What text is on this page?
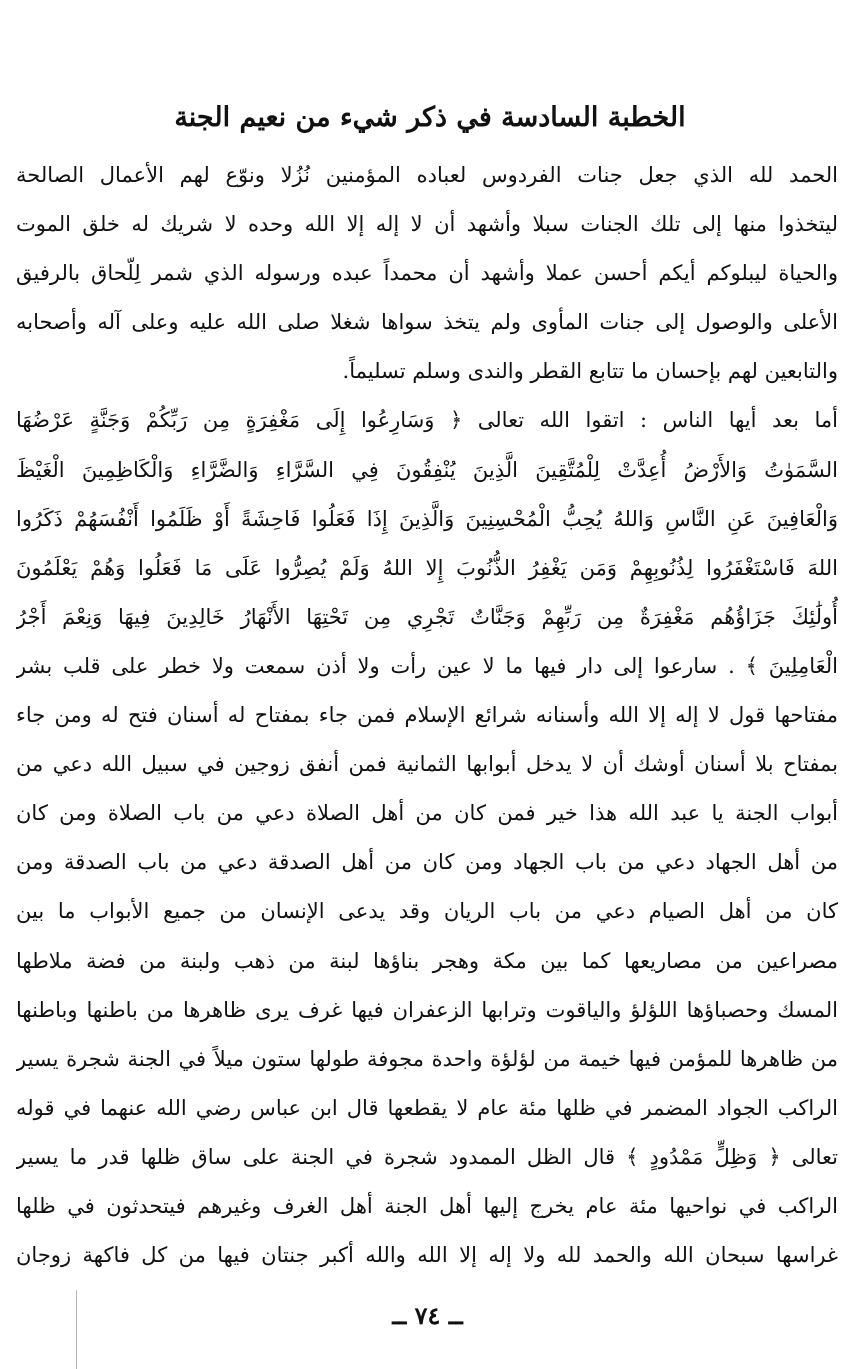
الخطبة السادسة في ذكر شيء من نعيم الجنة
الحمد لله الذي جعل جنات الفردوس لعباده المؤمنين نُزُلا ونوّع لهم الأعمال الصالحة
ليتخذوا منها إلى تلك الجنات سبلا وأشهد أن لا إله إلا الله وحده لا شريك له خلق الموت
والحياة ليبلوكم أيكم أحسن عملا وأشهد أن محمداً عبده ورسوله الذي شمر لِلّحاق بالرفيق
الأعلى والوصول إلى جنات المأوى ولم يتخذ سواها شغلا صلى الله عليه وعلى آله وأصحابه
والتابعين لهم بإحسان ما تتابع القطر والندى وسلم تسليماً.
أما بعد أيها الناس : اتقوا الله تعالى ﴿ وَسَارِعُوا إِلَى مَغْفِرَةٍ مِن رَبِّكُمْ وَجَنَّةٍ عَرْضُهَا
السَّمَوٰتُ وَالأَرْضُ أُعِدَّتْ لِلْمُتَّقِينَ الَّذِينَ يُنْفِقُونَ فِي السَّرَّاءِ وَالضَّرَّاءِ وَالْكَاظِمِينَ الْغَيْظَ
وَالْعَافِينَ عَنِ النَّاسِ وَاللهُ يُحِبُّ الْمُحْسِنِينَ وَالَّذِينَ إِذَا فَعَلُوا فَاحِشَةً أَوْ ظَلَمُوا أَنْفُسَهُمْ ذَكَرُوا
اللهَ فَاسْتَغْفَرُوا لِذُنُوبِهِمْ وَمَن يَغْفِرُ الذُّنُوبَ إِلا اللهُ وَلَمْ يُصِرُّوا عَلَى مَا فَعَلُوا وَهُمْ يَعْلَمُونَ
أُولَٰئِكَ جَزَاؤُهُم مَغْفِرَةٌ مِن رَبِّهِمْ وَجَنَّاتٌ تَجْرِي مِن تَحْتِهَا الأَنْهَارُ خَالِدِينَ فِيهَا وَنِعْمَ أَجْرُ
الْعَامِلِينَ ﴾ . سارعوا إلى دار فيها ما لا عين رأت ولا أذن سمعت ولا خطر على قلب بشر
مفتاحها قول لا إله إلا الله وأسنانه شرائع الإسلام فمن جاء بمفتاح له أسنان فتح له ومن جاء
بمفتاح بلا أسنان أوشك أن لا يدخل أبوابها الثمانية فمن أنفق زوجين في سبيل الله دعي من
أبواب الجنة يا عبد الله هذا خير فمن كان من أهل الصلاة دعي من باب الصلاة ومن كان
من أهل الجهاد دعي من باب الجهاد ومن كان من أهل الصدقة دعي من باب الصدقة ومن
كان من أهل الصيام دعي من باب الريان وقد يدعى الإنسان من جميع الأبواب ما بين
مصراعين من مصاريعها كما بين مكة وهجر بناؤها لبنة من ذهب ولبنة من فضة ملاطها
المسك وحصباؤها اللؤلؤ والياقوت وترابها الزعفران فيها غرف يرى ظاهرها من باطنها وباطنها
من ظاهرها للمؤمن فيها خيمة من لؤلؤة واحدة مجوفة طولها ستون ميلاً في الجنة شجرة يسير
الراكب الجواد المضمر في ظلها مئة عام لا يقطعها قال ابن عباس رضي الله عنهما في قوله
تعالى ﴿ وَظِلٍّ مَمْدُودٍ ﴾ قال الظل الممدود شجرة في الجنة على ساق ظلها قدر ما يسير
الراكب في نواحيها مئة عام يخرج إليها أهل الجنة أهل الغرف وغيرهم فيتحدثون في ظلها
غراسها سبحان الله والحمد لله ولا إله إلا الله والله أكبر جنتان فيها من كل فاكهة زوجان
ــ ٧٤ ــ
